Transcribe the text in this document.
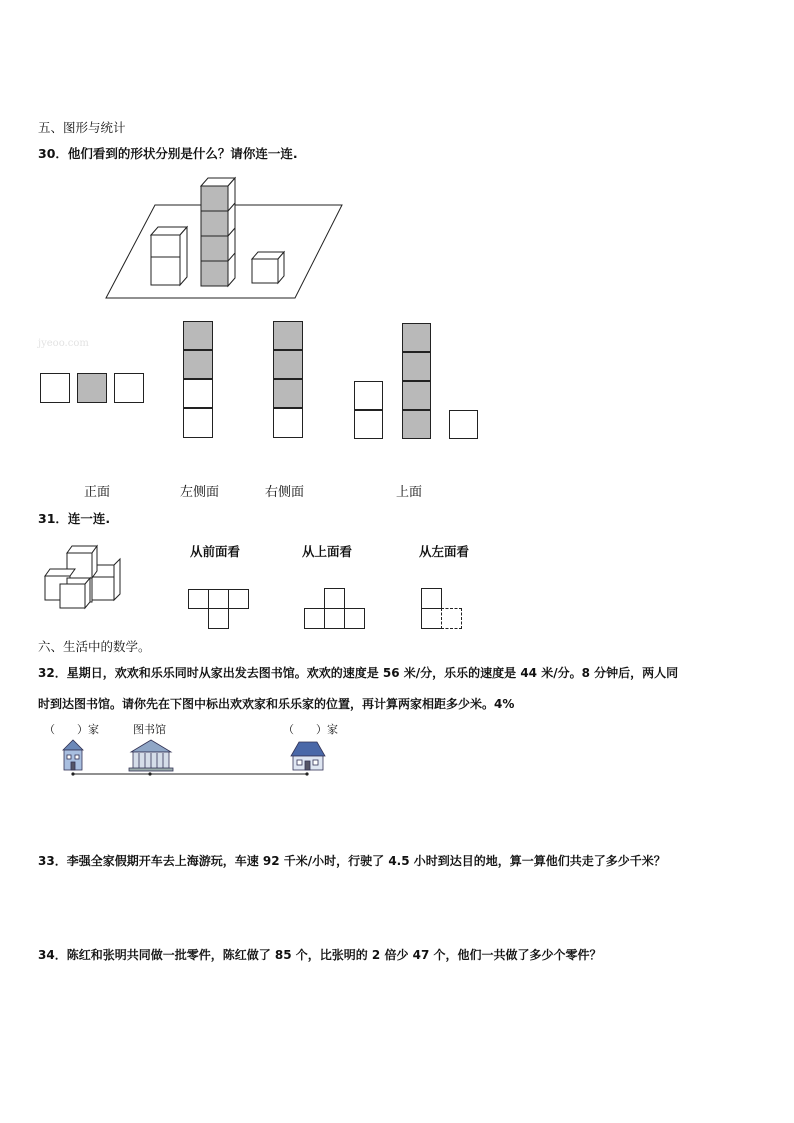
五、图形与统计
30．他们看到的形状分别是什么？请你连一连.
jyeoo.com
正面	左侧面	右侧面	上面
31．连一连.
从前面看	从上面看	从左面看
六、生活中的数学。
32．星期日，欢欢和乐乐同时从家出发去图书馆。欢欢的速度是 56 米/分，乐乐的速度是 44 米/分。8 分钟后，两人同
时到达图书馆。请你先在下图中标出欢欢家和乐乐家的位置，再计算两家相距多少米。4%
（　　）家	图书馆	（　　）家
33．李强全家假期开车去上海游玩，车速 92 千米/小时，行驶了 4.5 小时到达目的地，算一算他们共走了多少千米？
34．陈红和张明共同做一批零件，陈红做了 85 个，比张明的 2 倍少 47 个，他们一共做了多少个零件？
